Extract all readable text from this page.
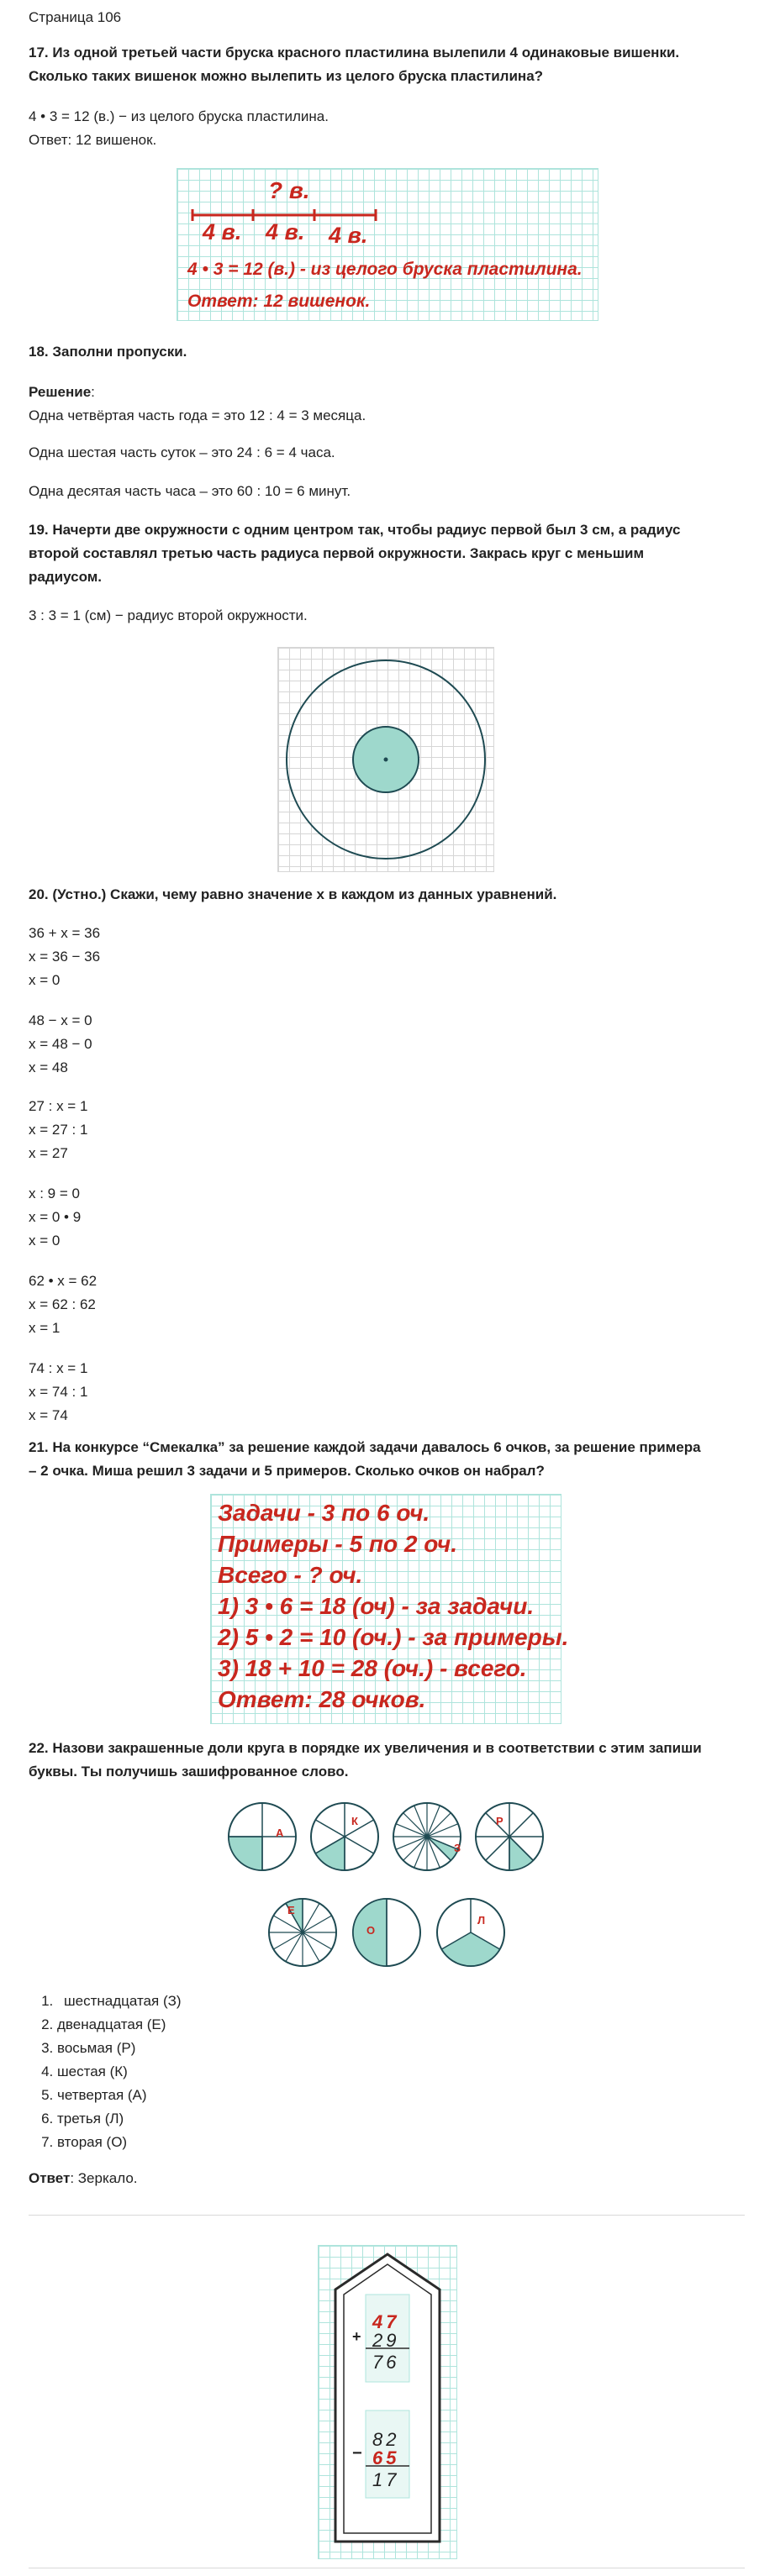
Страница 106
17. Из одной третьей части бруска красного пластилина вылепили 4 одинаковые вишенки.
Сколько таких вишенок можно вылепить из целого бруска пластилина?
4 • 3 = 12 (в.) − из целого бруска пластилина.
Ответ: 12 вишенок.
? в.
4 в. 4 в. 4 в.
4 • 3 = 12 (в.) - из целого бруска пластилина.
Ответ: 12 вишенок.
18. Заполни пропуски.
Решение:
Одна четвёртая часть года = это 12 : 4 = 3 месяца.
Одна шестая часть суток – это 24 : 6 = 4 часа.
Одна десятая часть часа – это 60 : 10 = 6 минут.
19. Начерти две окружности с одним центром так, чтобы радиус первой был 3 см, а радиус
второй составлял третью часть радиуса первой окружности. Закрась круг с меньшим
радиусом.
3 : 3 = 1 (см) − радиус второй окружности.
20. (Устно.) Скажи, чему равно значение х в каждом из данных уравнений.
36 + x = 36
x = 36 − 36
x = 0
48 − x = 0
x = 48 − 0
x = 48
27 : x = 1
x = 27 : 1
x = 27
x : 9 = 0
x = 0 • 9
x = 0
62 • x = 62
x = 62 : 62
x = 1
74 : x = 1
x = 74 : 1
x = 74
21. На конкурсе “Смекалка” за решение каждой задачи давалось 6 очков, за решение примера
– 2 очка. Миша решил 3 задачи и 5 примеров. Сколько очков он набрал?
Задачи - 3 по 6 оч.
Примеры - 5 по 2 оч.
Всего - ? оч.
1) 3 • 6 = 18 (оч) - за задачи.
2) 5 • 2 = 10 (оч.) - за примеры.
3) 18 + 10 = 28 (оч.) - всего.
Ответ: 28 очков.
22. Назови закрашенные доли круга в порядке их увеличения и в соответствии с этим запиши
буквы. Ты получишь зашифрованное слово.
А
К
З
Р
Е
О
Л
1. шестнадцатая (З)
2. двенадцатая (Е)
3. восьмая (Р)
4. шестая (К)
5. четвертая (А)
6. третья (Л)
7. вторая (О)
Ответ: Зеркало.
+
47
29
76
−
82
65
17
